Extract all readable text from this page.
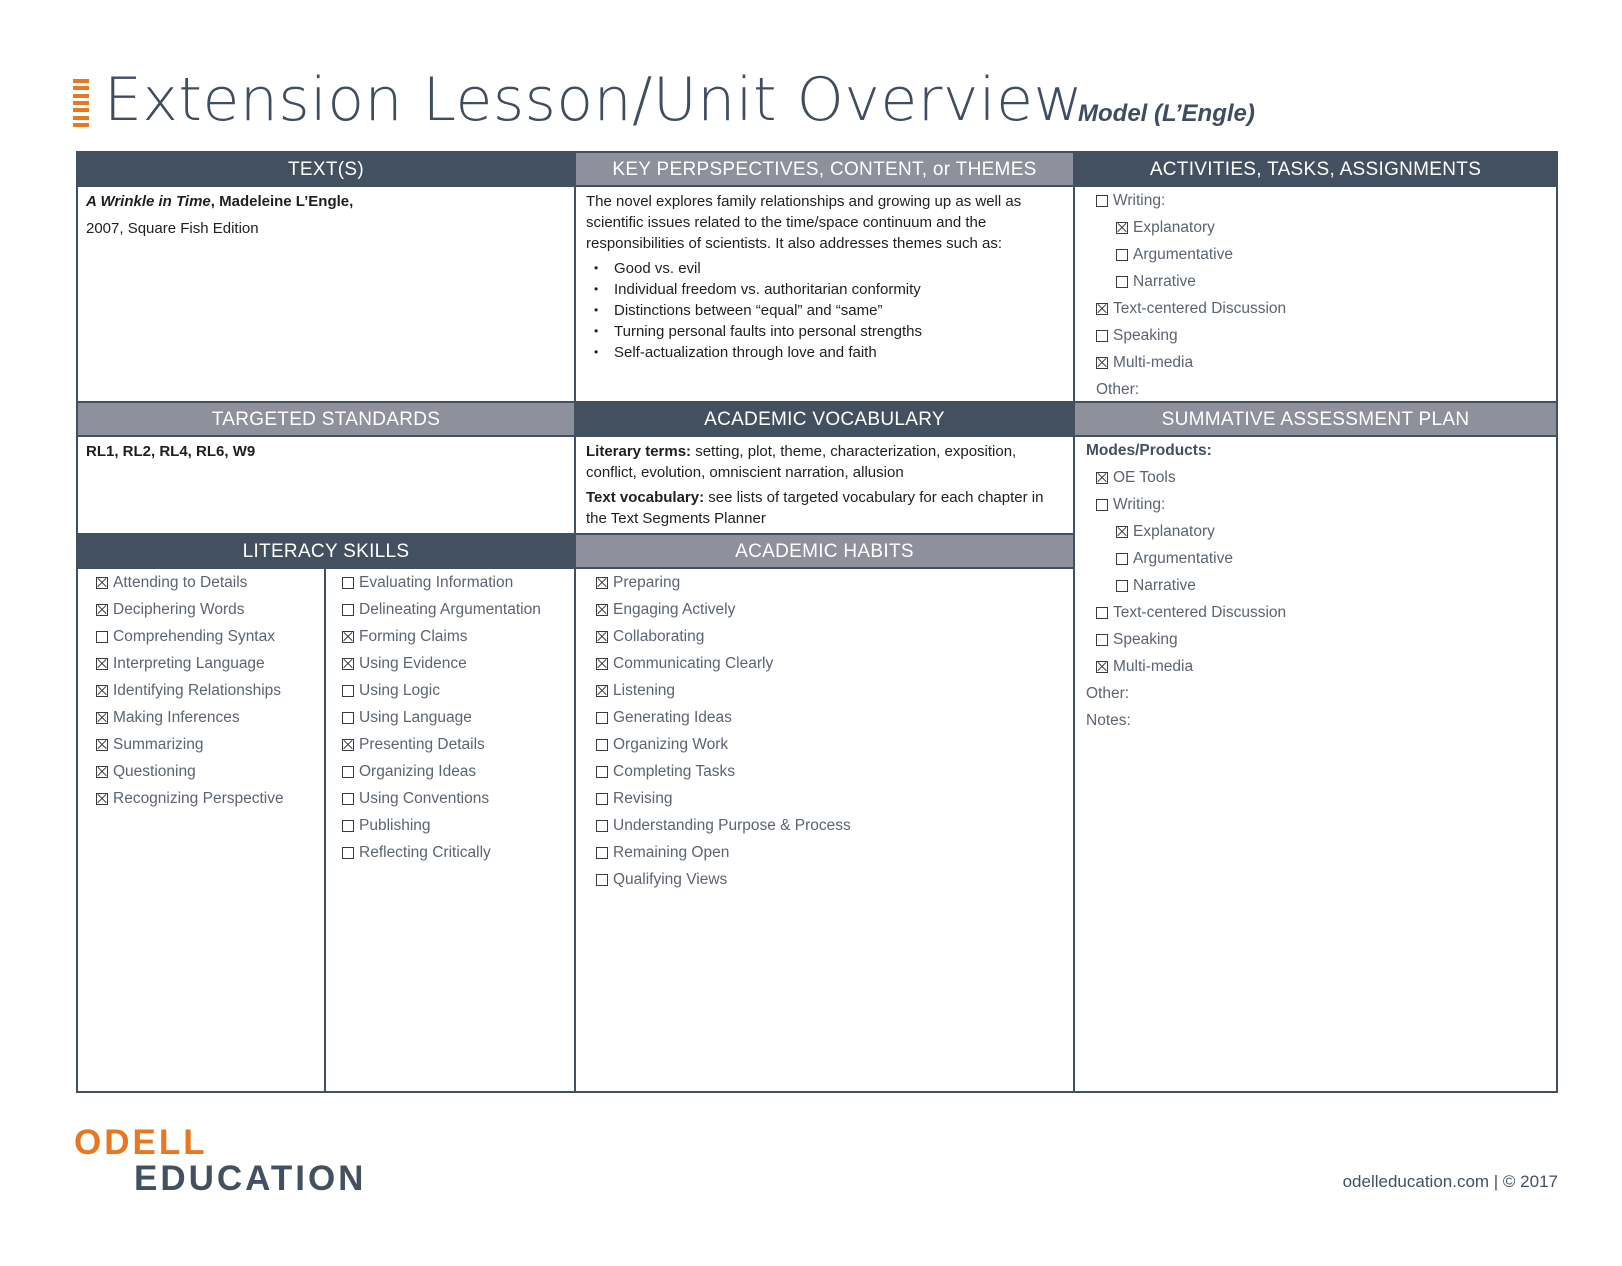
Extension Lesson/Unit Overview
Model (L’Engle)
TEXT(S)	KEY PERPSPECTIVES, CONTENT, or THEMES	ACTIVITIES, TASKS, ASSIGNMENTS
TARGETED STANDARDS	ACADEMIC VOCABULARY	SUMMATIVE ASSESSMENT PLAN
LITERACY SKILLS	ACADEMIC HABITS
A Wrinkle in Time, Madeleine L’Engle,
2007, Square Fish Edition
The novel explores family relationships and growing up as well as scientific issues related to the time/space continuum and the responsibilities of scientists. It also addresses themes such as:
• Good vs. evil
• Individual freedom vs. authoritarian conformity
• Distinctions between “equal” and “same”
• Turning personal faults into personal strengths
• Self-actualization through love and faith
Writing:
Explanatory
Argumentative
Narrative
Text-centered Discussion
Speaking
Multi-media
Other:
RL1, RL2, RL4, RL6, W9	Literary terms: setting, plot, theme, characterization, exposition, conflict, evolution, omniscient narration, allusion
Text vocabulary: see lists of targeted vocabulary for each chapter in the Text Segments Planner
Modes/Products:
OE Tools
Writing:
Explanatory
Argumentative
Narrative
Text-centered Discussion
Speaking
Multi-media
Other:
Notes:
Attending to Details
Deciphering Words
Comprehending Syntax
Interpreting Language
Identifying Relationships
Making Inferences
Summarizing
Questioning
Recognizing Perspective
Evaluating Information
Delineating Argumentation
Forming Claims
Using Evidence
Using Logic
Using Language
Presenting Details
Organizing Ideas
Using Conventions
Publishing
Reflecting Critically
Preparing
Engaging Actively
Collaborating
Communicating Clearly
Listening
Generating Ideas
Organizing Work
Completing Tasks
Revising
Understanding Purpose & Process
Remaining Open
Qualifying Views
ODELL
EDUCATION	odelleducation.com | © 2017
